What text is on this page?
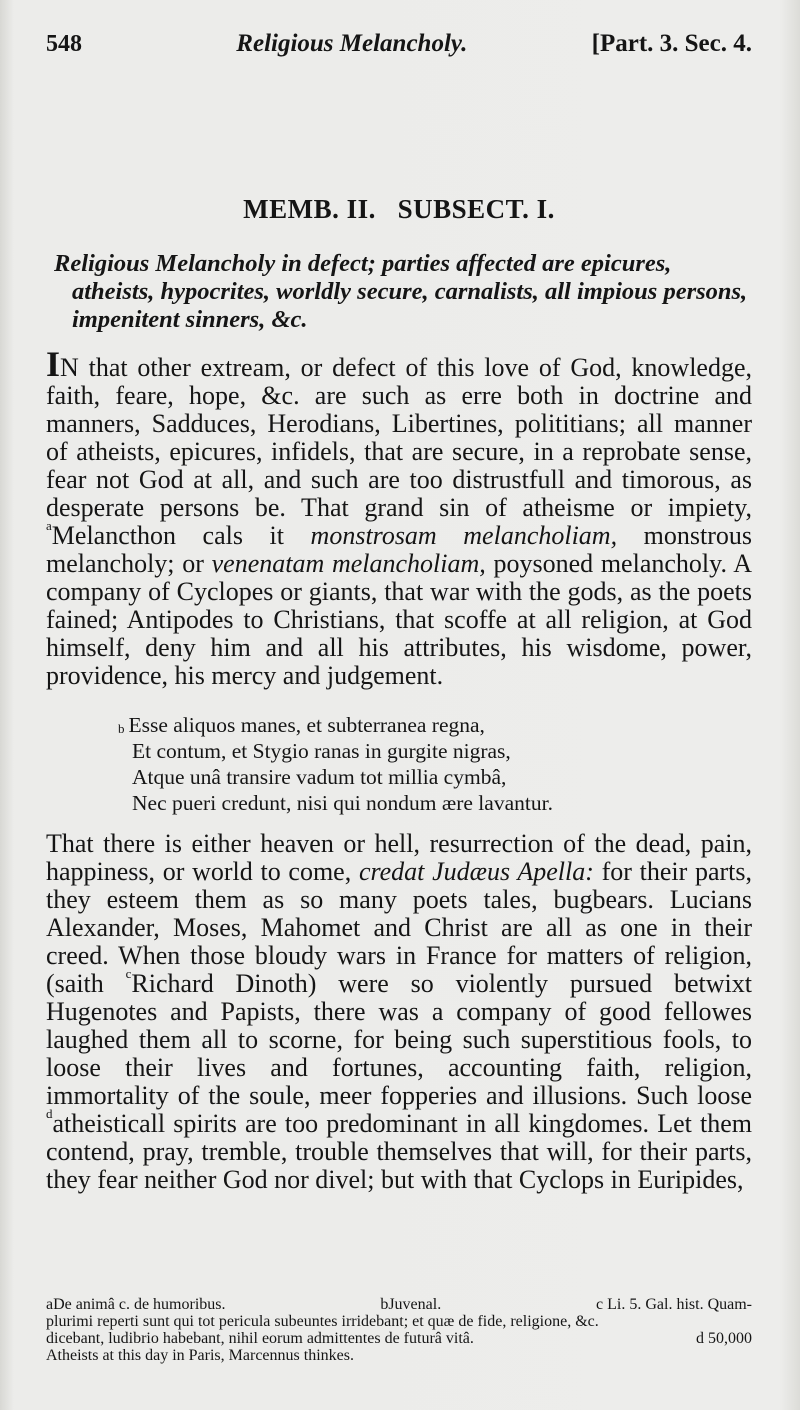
548	Religious Melancholy.	[Part. 3. Sec. 4.
MEMB. II.   SUBSECT. I.
Religious Melancholy in defect; parties affected are epicures, atheists, hypocrites, worldly secure, carnalists, all impious persons, impenitent sinners, &c.
IN that other extream, or defect of this love of God, knowledge, faith, feare, hope, &c. are such as erre both in doctrine and manners, Sadduces, Herodians, Libertines, polititians; all manner of atheists, epicures, infidels, that are secure, in a reprobate sense, fear not God at all, and such are too distrustfull and timorous, as desperate persons be. That grand sin of atheisme or impiety, $^a$Melancthon cals it monstrosam melancholiam, monstrous melancholy; or venenatam melancholiam, poysoned melancholy. A company of Cyclopes or giants, that war with the gods, as the poets fained; Antipodes to Christians, that scoffe at all religion, at God himself, deny him and all his attributes, his wisdome, power, providence, his mercy and judgement.
$^b$ Esse aliquos manes, et subterranea regna,
Et contum, et Stygio ranas in gurgite nigras,
Atque unâ transire vadum tot millia cymbâ,
Nec pueri credunt, nisi qui nondum ære lavantur.
That there is either heaven or hell, resurrection of the dead, pain, happiness, or world to come, credat Judæus Apella: for their parts, they esteem them as so many poets tales, bugbears. Lucians Alexander, Moses, Mahomet and Christ are all as one in their creed. When those bloudy wars in France for matters of religion, (saith $^c$Richard Dinoth) were so violently pursued betwixt Hugenotes and Papists, there was a company of good fellowes laughed them all to scorne, for being such superstitious fools, to loose their lives and fortunes, accounting faith, religion, immortality of the soule, meer fopperies and illusions. Such loose $^d$atheisticall spirits are too predominant in all kingdomes. Let them contend, pray, tremble, trouble themselves that will, for their parts, they fear neither God nor divel; but with that Cyclops in Euripides,
aDe animâ c. de humoribus.	bJuvenal.	c Li. 5. Gal. hist. Quam-
plurimi reperti sunt qui tot pericula subeuntes irridebant; et quæ de fide, religione, &c.
dicebant, ludibrio habebant, nihil eorum admittentes de futurâ vitâ.	d 50,000
Atheists at this day in Paris, Marcennus thinkes.
